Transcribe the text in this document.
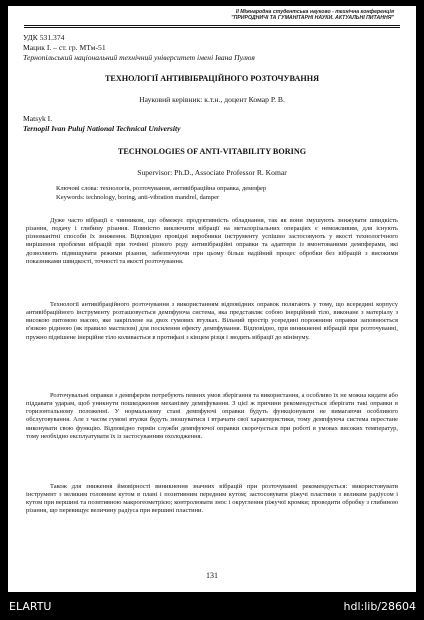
ІІ Міжнародна студентська науково - технічна конференція
"ПРИРОДНИЧІ ТА ГУМАНІТАРНІ НАУКИ. АКТУАЛЬНІ ПИТАННЯ"
УДК 531.374
Мацик І. – ст. гр. МТм-51
Тернопільський національний технічний університет імені Івана Пулюя
ТЕХНОЛОГІЇ АНТИВІБРАЦІЙНОГО РОЗТОЧУВАННЯ
Науковий керівник: к.т.н., доцент Комар Р. В.
Matsyk I.
Ternopil Ivan Puluj National Technical University
TECHNOLOGIES OF ANTI-VITABILITY BORING
Supervisor: Ph.D., Associate Professor R. Komar
Ключові слова: технологія, розточування, антивібраційна оправка, демпфер
Keywords: technology, boring, anti-vibration mandrel, damper

Дуже часто вібрації є чинником, що обмежує продуктивність обладнання, так як вони змушують знижувати швидкість різання, подачу і глибину різання. Повністю виключити вібрації на металорізальних операціях є неможливим, для існують різноманітні способи їх зниження. Відповідно провідні виробники інструменту успішно застосовують у якості технологічного вирішення проблеми вібрацій при точінні різного роду антивібраційні оправки та адаптери із вмонтованими демпферами, які дозволяють підвищувати режими різання, забезпечуючи при цьому більш надійний процес обробки без вібрацій з високими показниками швидкості, точності та якості розточування.

Технології антивібраційного розточування з використанням відповідних оправок полягають у тому, що всередині корпусу антивібраційного інструменту розташовується демпфуюча система, яка представляє собою інерційний тіло, виконане з матеріалу з високою питомою масою, яке закріплене на двох гумових втулках. Вільний простір усередині порожнини оправки заповнюється в'язкою рідиною (як правило мастилом) для посилення ефекту демпфування. Відповідно, при виникненні вібрацій при розточуванні, пружно підвішене інерційне тіло коливається в протифазі з кінцем різця і зводить вібрації до мінімуму.

Розточувальні оправки з демпфером потребують певних умов зберігання та використання, а особливо їх не можна кидати або піддавати ударам, щоб уникнути пошкодження механізму демпфування. З цієї ж причини рекомендується зберігати такі оправки в горизонтальному положенні. У нормальному стані демпфуючі оправки будуть функціонувати не вимагаючи особливого обслуговування. Але з часом гумові втулки будуть зношуватися і втрачати свої характеристики, тому демпфуюча система перестане виконувати свою функцію. Відповідно термін служби демпфуючої оправки скорочується при роботі в умовах високих температур, тому необхідно експлуатувати їх із застосуванням охолодження.

Також для зниження ймовірності виникнення значних вібрацій при розточуванні рекомендується: використовувати інструмент з великим головним кутом в плані і позитивним передним кутом; застосовувати ріжучі пластини з великим радіусом і кутом при вершині та позитивною макрогеометрією; контролювати знос і округлення ріжучої кромки; проводити обробку з глибиною різання, що перевищує величину радіуса при вершині пластини.

131
ELARTU	hdl:lib/28604
